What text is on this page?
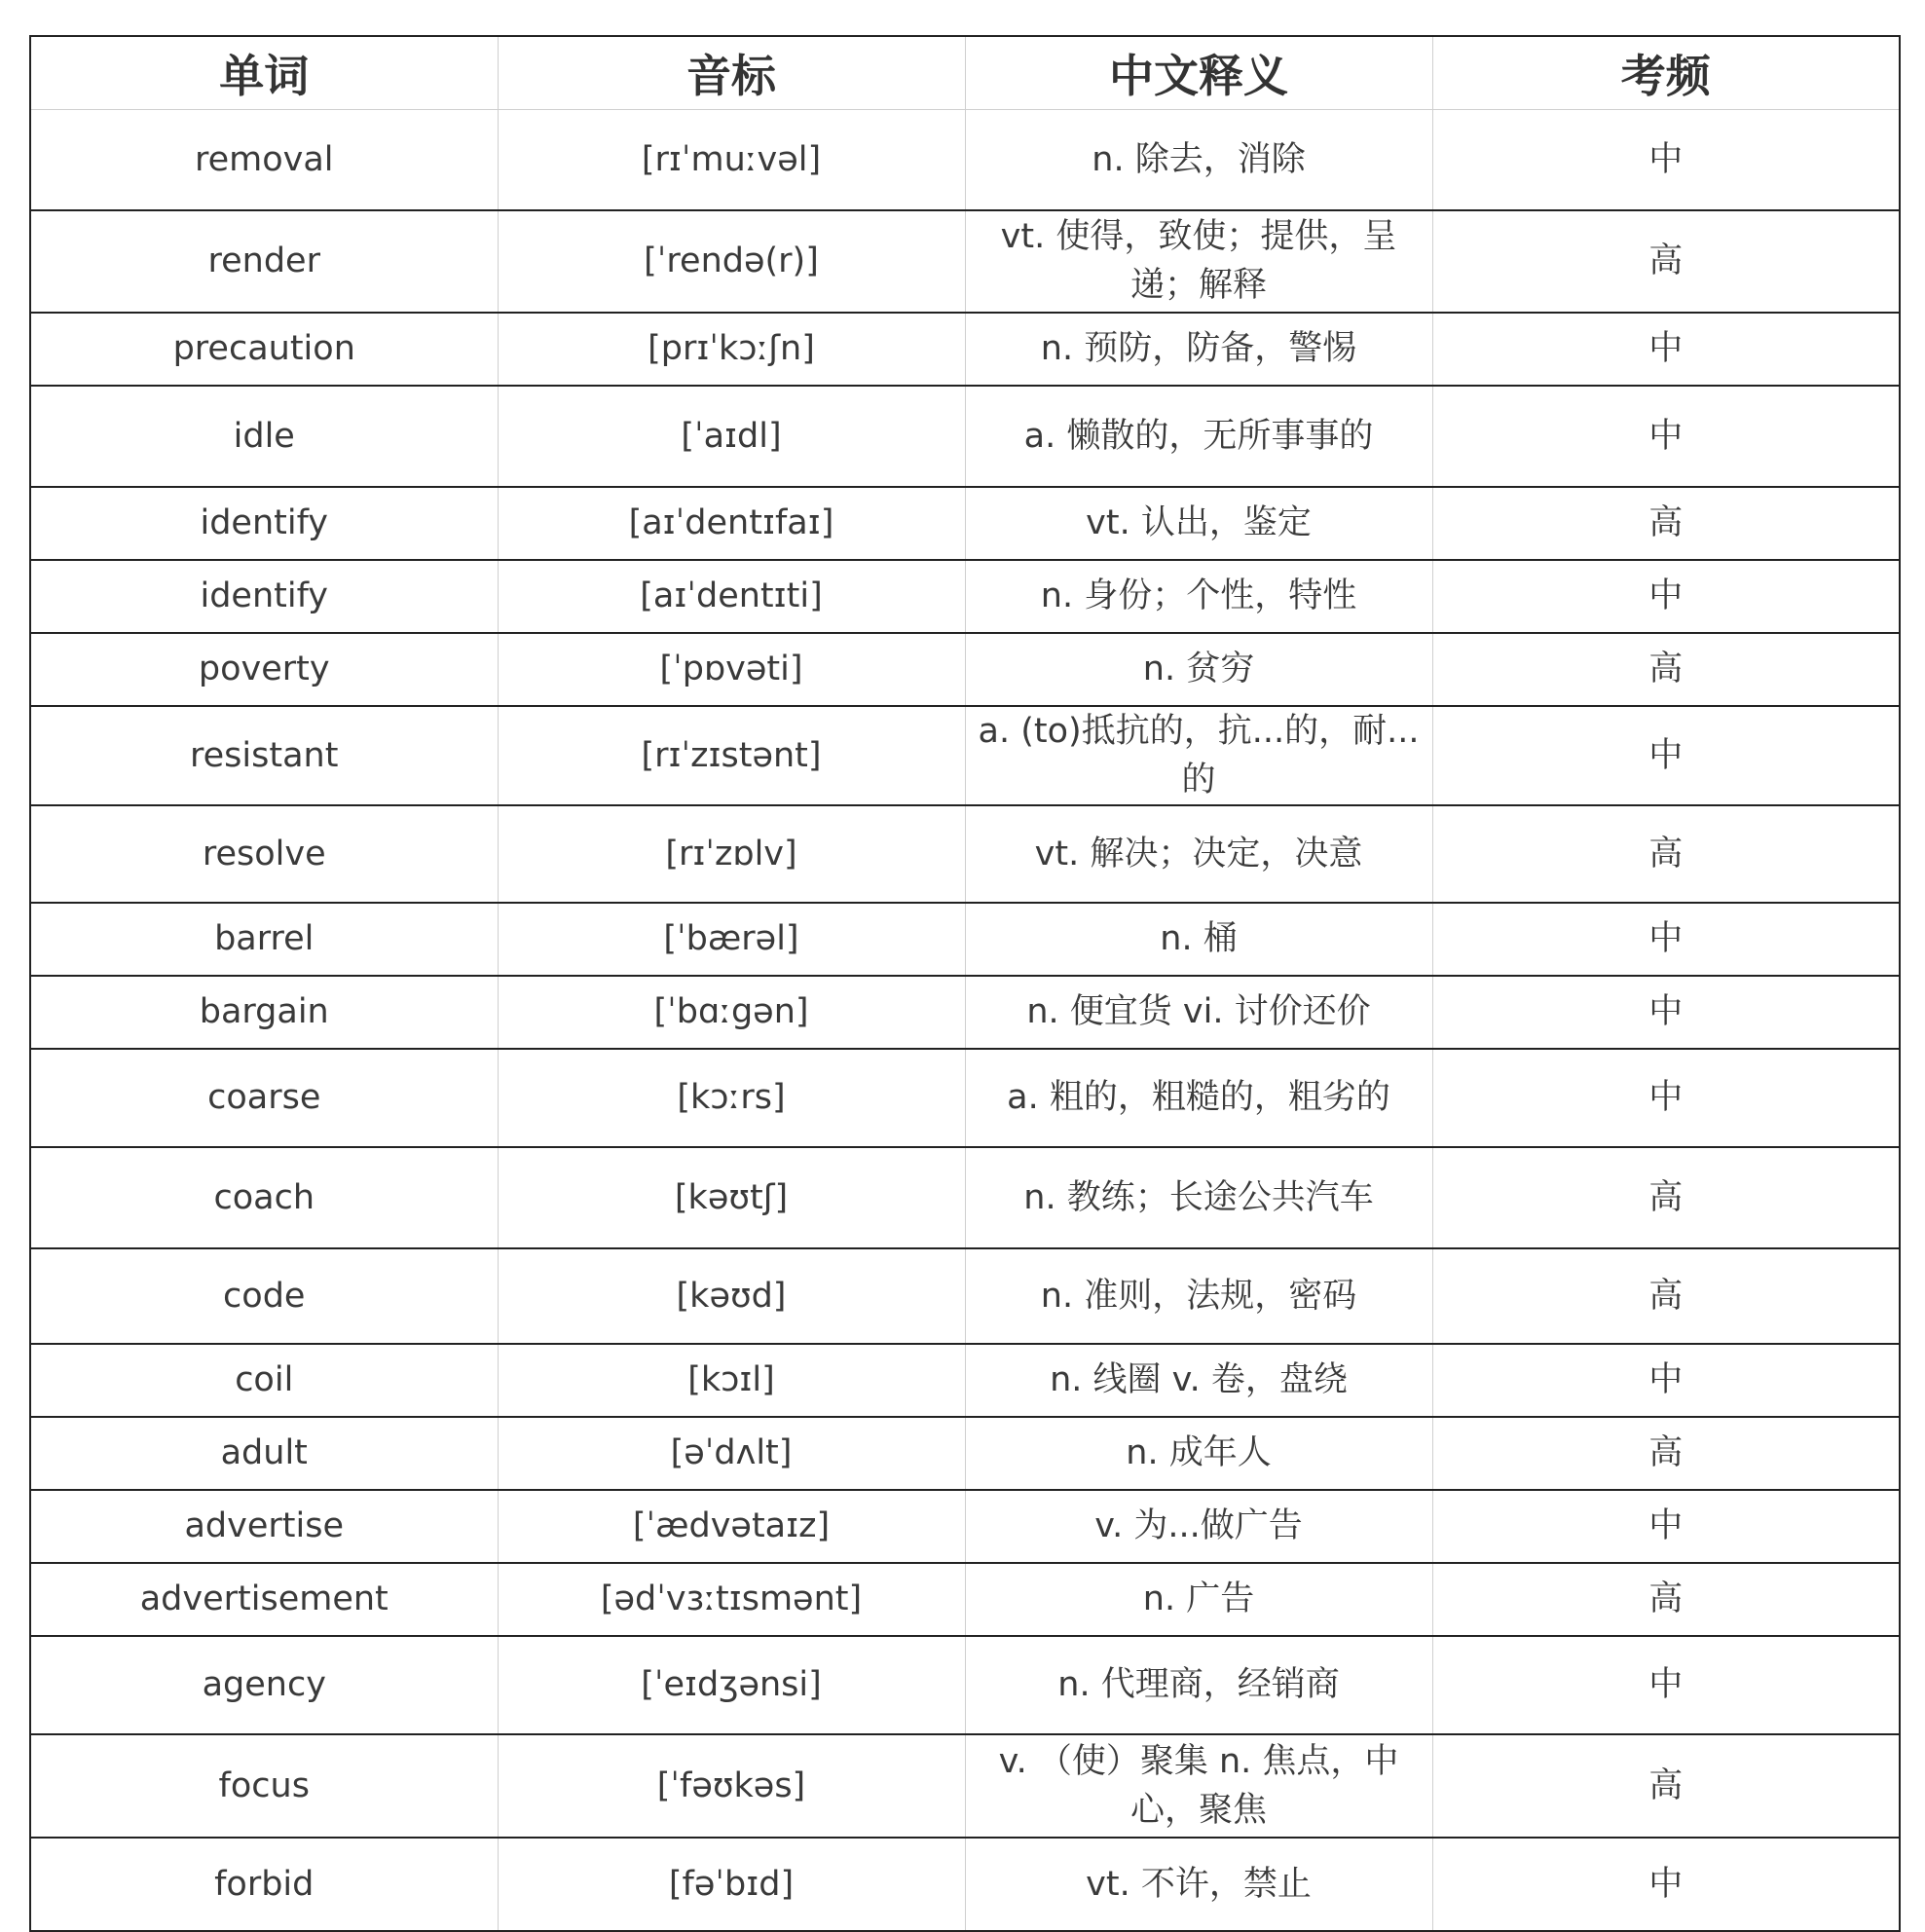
单词	音标	中文释义	考频
removal	[rɪˈmuːvəl]	n. 除去，消除	中
render	[ˈrendə(r)]	vt. 使得，致使；提供，呈递；解释	高
precaution	[prɪˈkɔːʃn]	n. 预防，防备，警惕	中
idle	[ˈaɪdl]	a. 懒散的，无所事事的	中
identify	[aɪˈdentɪfaɪ]	vt. 认出，鉴定	高
identify	[aɪˈdentɪti]	n. 身份；个性，特性	中
poverty	[ˈpɒvəti]	n. 贫穷	高
resistant	[rɪˈzɪstənt]	a. (to)抵抗的，抗...的，耐...的	中
resolve	[rɪˈzɒlv]	vt. 解决；决定，决意	高
barrel	[ˈbærəl]	n. 桶	中
bargain	[ˈbɑːgən]	n. 便宜货 vi. 讨价还价	中
coarse	[kɔːrs]	a. 粗的，粗糙的，粗劣的	中
coach	[kəʊtʃ]	n. 教练；长途公共汽车	高
code	[kəʊd]	n. 准则，法规，密码	高
coil	[kɔɪl]	n. 线圈 v. 卷，盘绕	中
adult	[əˈdʌlt]	n. 成年人	高
advertise	[ˈædvətaɪz]	v. 为...做广告	中
advertisement	[ədˈvɜːtɪsmənt]	n. 广告	高
agency	[ˈeɪdʒənsi]	n. 代理商，经销商	中
focus	[ˈfəʊkəs]	v. （使）聚集 n. 焦点，中心，聚焦	高
forbid	[fəˈbɪd]	vt. 不许，禁止	中
